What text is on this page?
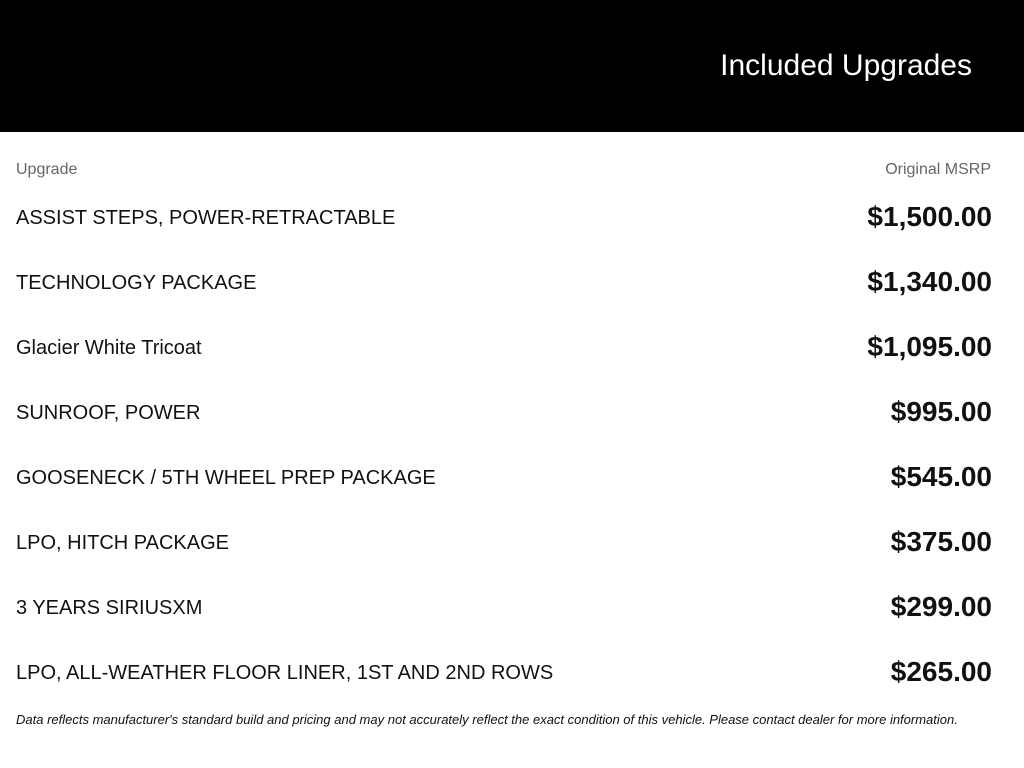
Included Upgrades
Upgrade	Original MSRP
ASSIST STEPS, POWER-RETRACTABLE	$1,500.00
TECHNOLOGY PACKAGE	$1,340.00
Glacier White Tricoat	$1,095.00
SUNROOF, POWER	$995.00
GOOSENECK / 5TH WHEEL PREP PACKAGE	$545.00
LPO, HITCH PACKAGE	$375.00
3 YEARS SIRIUSXM	$299.00
LPO, ALL-WEATHER FLOOR LINER, 1ST AND 2ND ROWS	$265.00
Data reflects manufacturer's standard build and pricing and may not accurately reflect the exact condition of this vehicle. Please contact dealer for more information.
